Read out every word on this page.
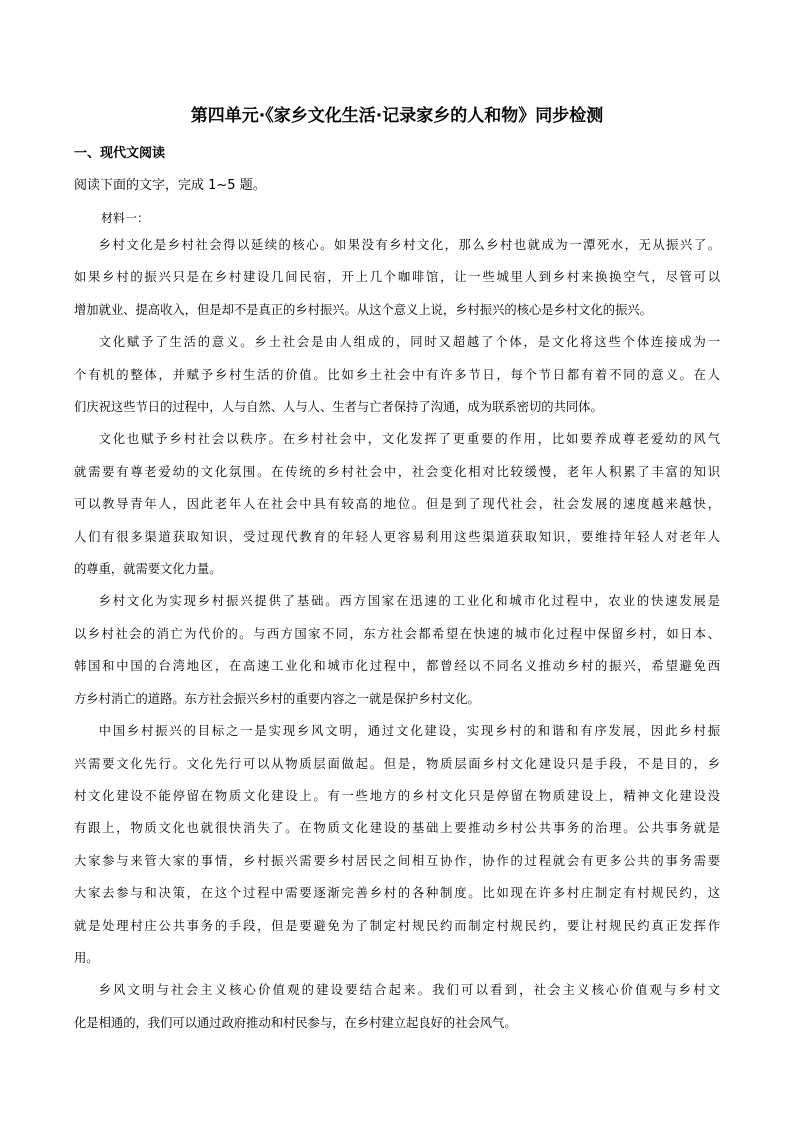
第四单元·《家乡文化生活·记录家乡的人和物》同步检测
一、现代文阅读
阅读下面的文字，完成 1~5 题。
材料一：

乡村文化是乡村社会得以延续的核心。如果没有乡村文化，那么乡村也就成为一潭死水，无从振兴了。

如果乡村的振兴只是在乡村建设几间民宿，开上几个咖啡馆，让一些城里人到乡村来换换空气，尽管可以

增加就业、提高收入，但是却不是真正的乡村振兴。从这个意义上说，乡村振兴的核心是乡村文化的振兴。

文化赋予了生活的意义。乡土社会是由人组成的，同时又超越了个体，是文化将这些个体连接成为一

个有机的整体，并赋予乡村生活的价值。比如乡土社会中有许多节日，每个节日都有着不同的意义。在人

们庆祝这些节日的过程中，人与自然、人与人、生者与亡者保持了沟通，成为联系密切的共同体。

文化也赋予乡村社会以秩序。在乡村社会中，文化发挥了更重要的作用，比如要养成尊老爱幼的风气

就需要有尊老爱幼的文化氛围。在传统的乡村社会中，社会变化相对比较缓慢，老年人积累了丰富的知识

可以教导青年人，因此老年人在社会中具有较高的地位。但是到了现代社会，社会发展的速度越来越快，

人们有很多渠道获取知识，受过现代教育的年轻人更容易利用这些渠道获取知识，要维持年轻人对老年人

的尊重，就需要文化力量。

乡村文化为实现乡村振兴提供了基础。西方国家在迅速的工业化和城市化过程中，农业的快速发展是

以乡村社会的消亡为代价的。与西方国家不同，东方社会都希望在快速的城市化过程中保留乡村，如日本、

韩国和中国的台湾地区，在高速工业化和城市化过程中，都曾经以不同名义推动乡村的振兴，希望避免西

方乡村消亡的道路。东方社会振兴乡村的重要内容之一就是保护乡村文化。

中国乡村振兴的目标之一是实现乡风文明，通过文化建设，实现乡村的和谐和有序发展，因此乡村振

兴需要文化先行。文化先行可以从物质层面做起。但是，物质层面乡村文化建设只是手段，不是目的，乡

村文化建设不能停留在物质文化建设上。有一些地方的乡村文化只是停留在物质建设上，精神文化建设没

有跟上，物质文化也就很快消失了。在物质文化建设的基础上要推动乡村公共事务的治理。公共事务就是

大家参与来管大家的事情，乡村振兴需要乡村居民之间相互协作，协作的过程就会有更多公共的事务需要

大家去参与和决策，在这个过程中需要逐渐完善乡村的各种制度。比如现在许多村庄制定有村规民约，这

就是处理村庄公共事务的手段，但是要避免为了制定村规民约而制定村规民约，要让村规民约真正发挥作

用。

乡风文明与社会主义核心价值观的建设要结合起来。我们可以看到，社会主义核心价值观与乡村文

化是相通的，我们可以通过政府推动和村民参与，在乡村建立起良好的社会风气。
